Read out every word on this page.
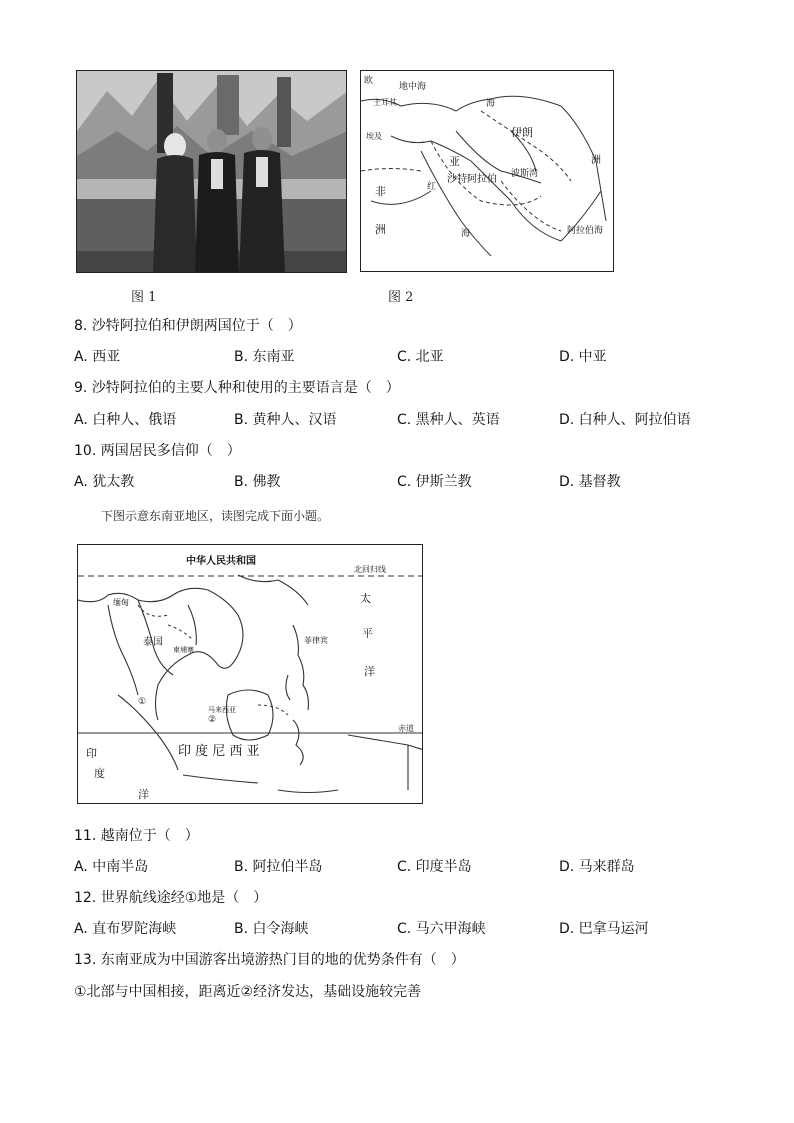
欧
地中海
土耳其
埃及	伊朗
亚
沙特阿拉伯 波斯湾
洲
非
洲
红
海	阿拉伯海
海
图 1	图 2
8. 沙特阿拉伯和伊朗两国位于（　）
A. 西亚	B. 东南亚	C. 北亚	D. 中亚
9. 沙特阿拉伯的主要人种和使用的主要语言是（　）
A. 白种人、俄语	B. 黄种人、汉语	C. 黑种人、英语	D. 白种人、阿拉伯语
10. 两国居民多信仰（　）
A. 犹太教	B. 佛教	C. 伊斯兰教	D. 基督教
下图示意东南亚地区，读图完成下面小题。
中华人民共和国
北回归线
太
平
洋
泰国
柬埔寨
缅甸
菲律宾
马来西亚
①
②
赤道
印 度 尼 西 亚
印
度
洋
11. 越南位于（　）
A. 中南半岛	B. 阿拉伯半岛	C. 印度半岛	D. 马来群岛
12. 世界航线途经①地是（　）
A. 直布罗陀海峡	B. 白令海峡	C. 马六甲海峡	D. 巴拿马运河
13. 东南亚成为中国游客出境游热门目的地的优势条件有（　）
①北部与中国相接，距离近②经济发达，基础设施较完善
